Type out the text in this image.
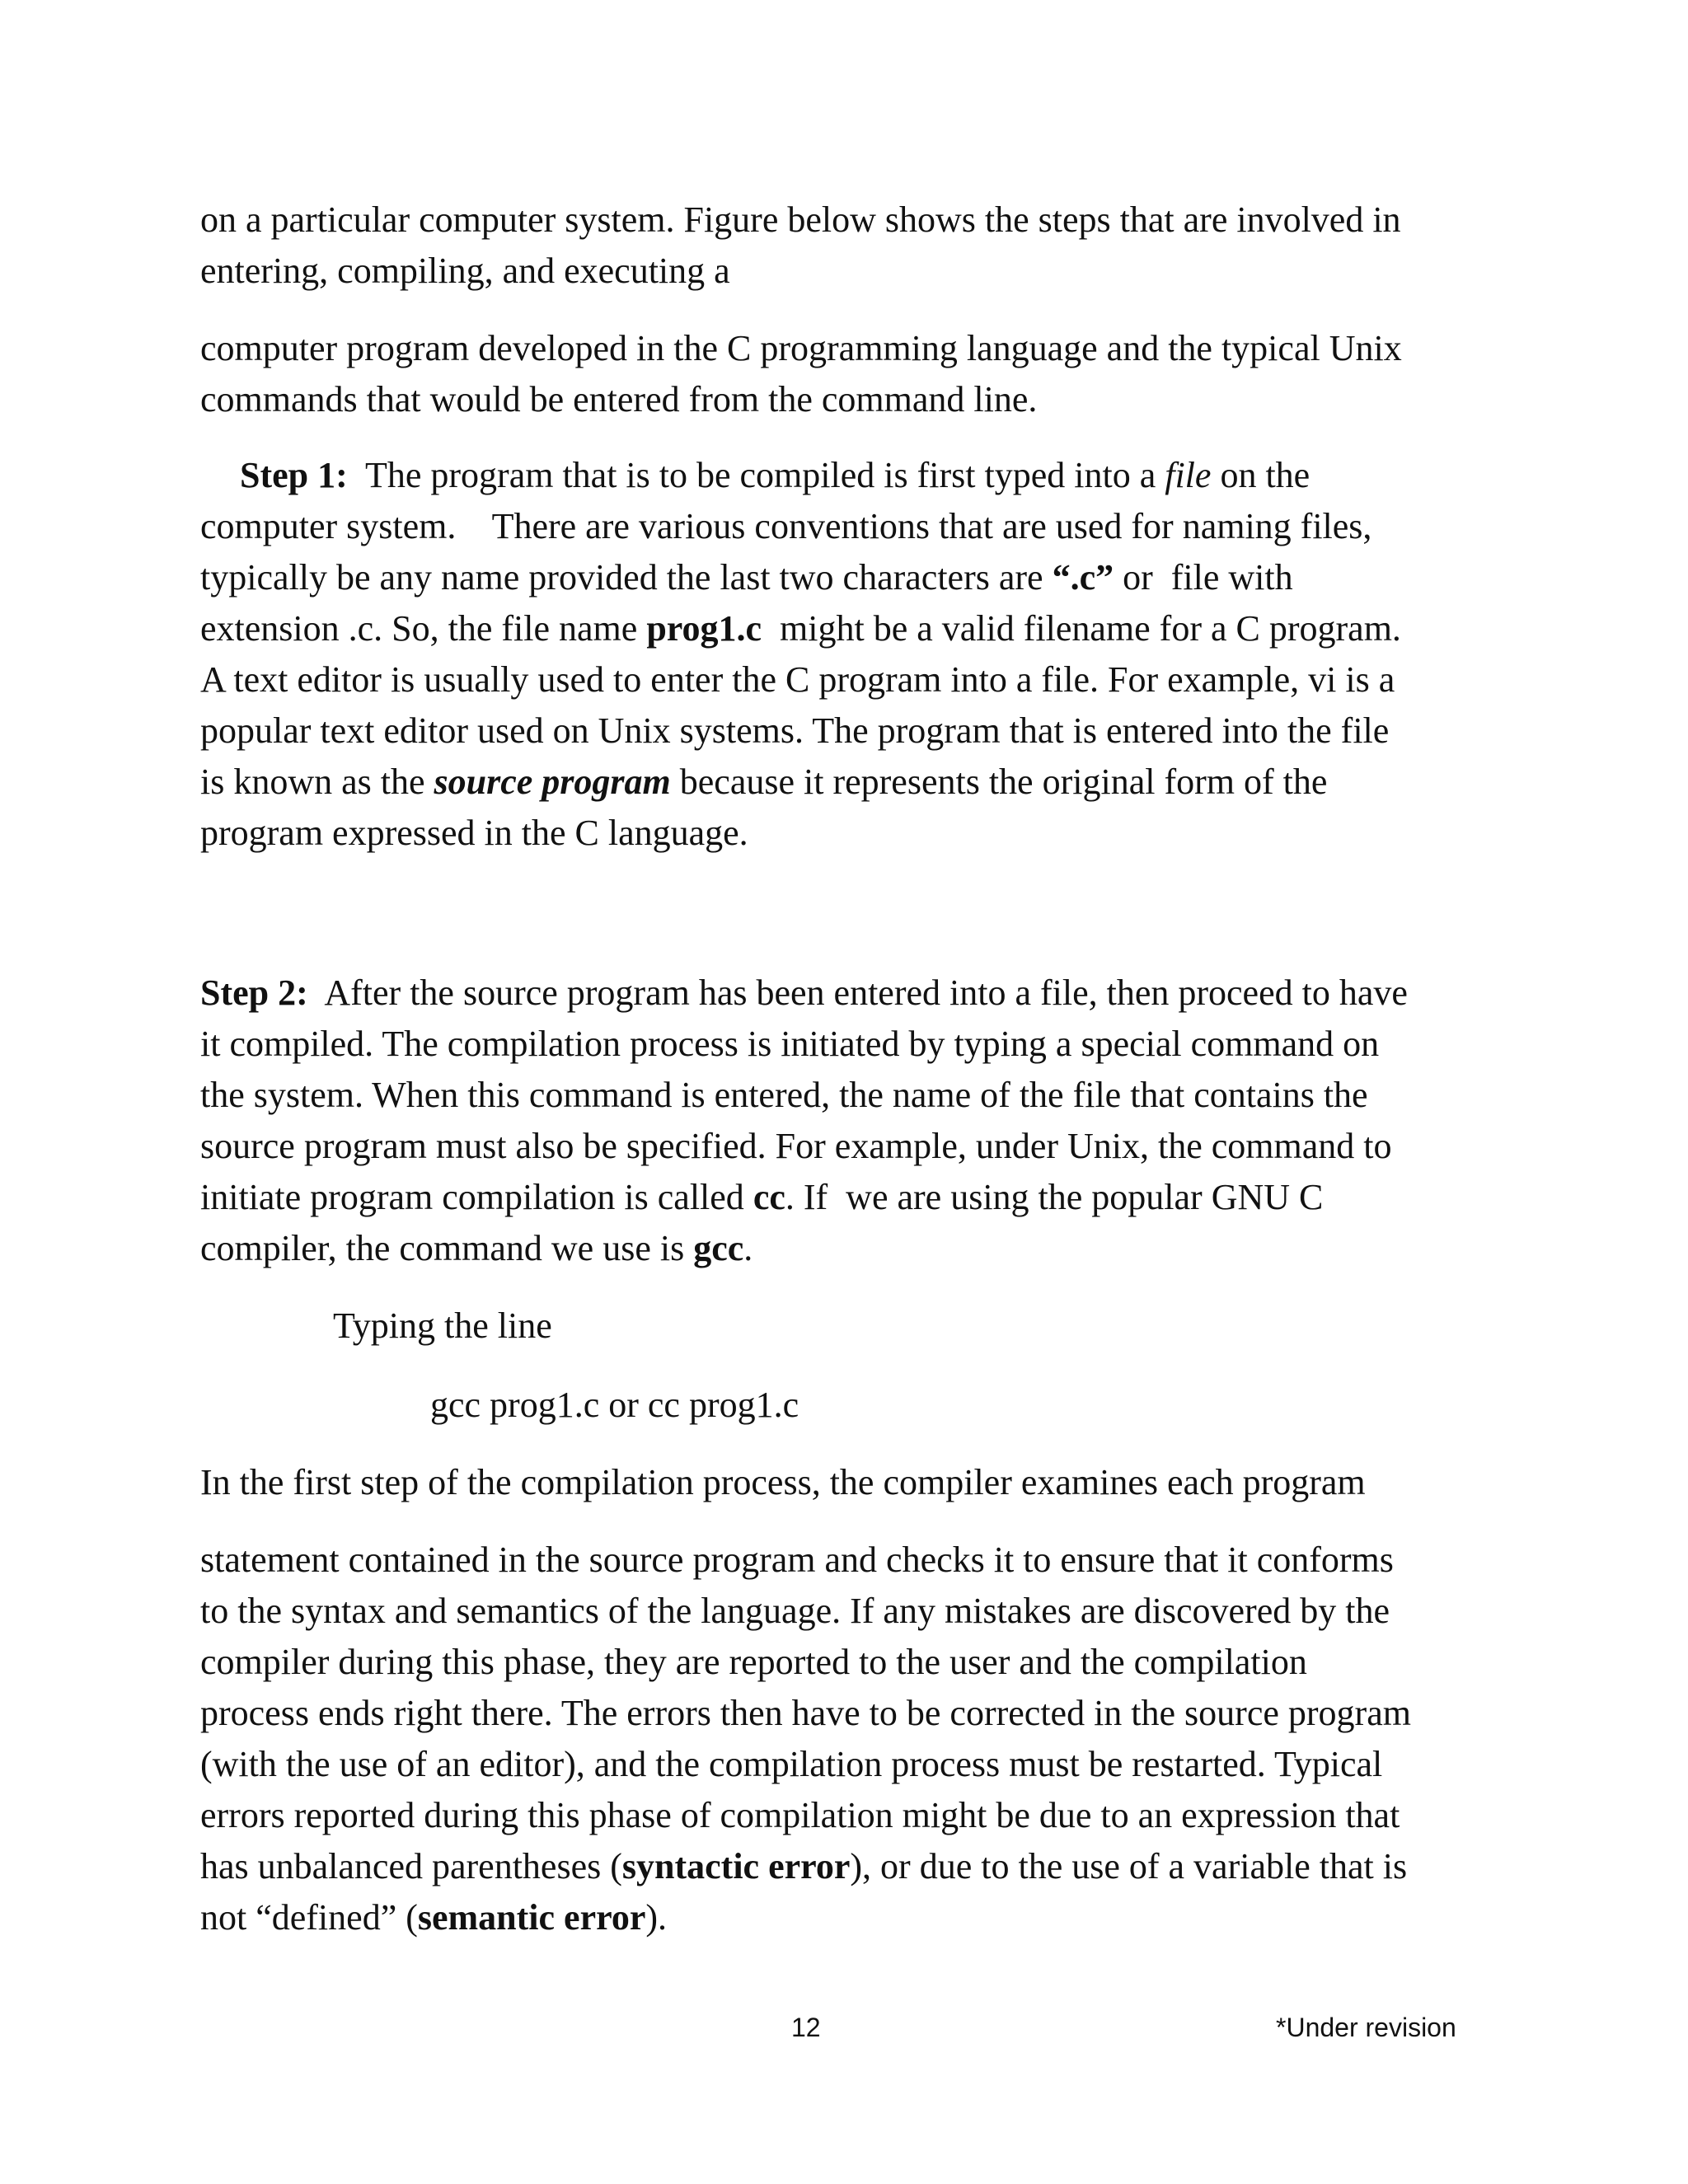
on a particular computer system. Figure below shows the steps that are involved in
entering, compiling, and executing a

computer program developed in the C programming language and the typical Unix
commands that would be entered from the command line.

Step 1:  The program that is to be compiled is first typed into a file on the
computer system.    There are various conventions that are used for naming files,
typically be any name provided the last two characters are “.c” or  file with
extension .c. So, the file name prog1.c  might be a valid filename for a C program.
A text editor is usually used to enter the C program into a file. For example, vi is a
popular text editor used on Unix systems. The program that is entered into the file
is known as the source program because it represents the original form of the
program expressed in the C language.

Step 2:  After the source program has been entered into a file, then proceed to have
it compiled. The compilation process is initiated by typing a special command on
the system. When this command is entered, the name of the file that contains the
source program must also be specified. For example, under Unix, the command to
initiate program compilation is called cc. If  we are using the popular GNU C
compiler, the command we use is gcc.

Typing the line

gcc prog1.c or cc prog1.c

In the first step of the compilation process, the compiler examines each program

statement contained in the source program and checks it to ensure that it conforms
to the syntax and semantics of the language. If any mistakes are discovered by the
compiler during this phase, they are reported to the user and the compilation
process ends right there. The errors then have to be corrected in the source program
(with the use of an editor), and the compilation process must be restarted. Typical
errors reported during this phase of compilation might be due to an expression that
has unbalanced parentheses (syntactic error), or due to the use of a variable that is
not “defined” (semantic error).

12	*Under revision
